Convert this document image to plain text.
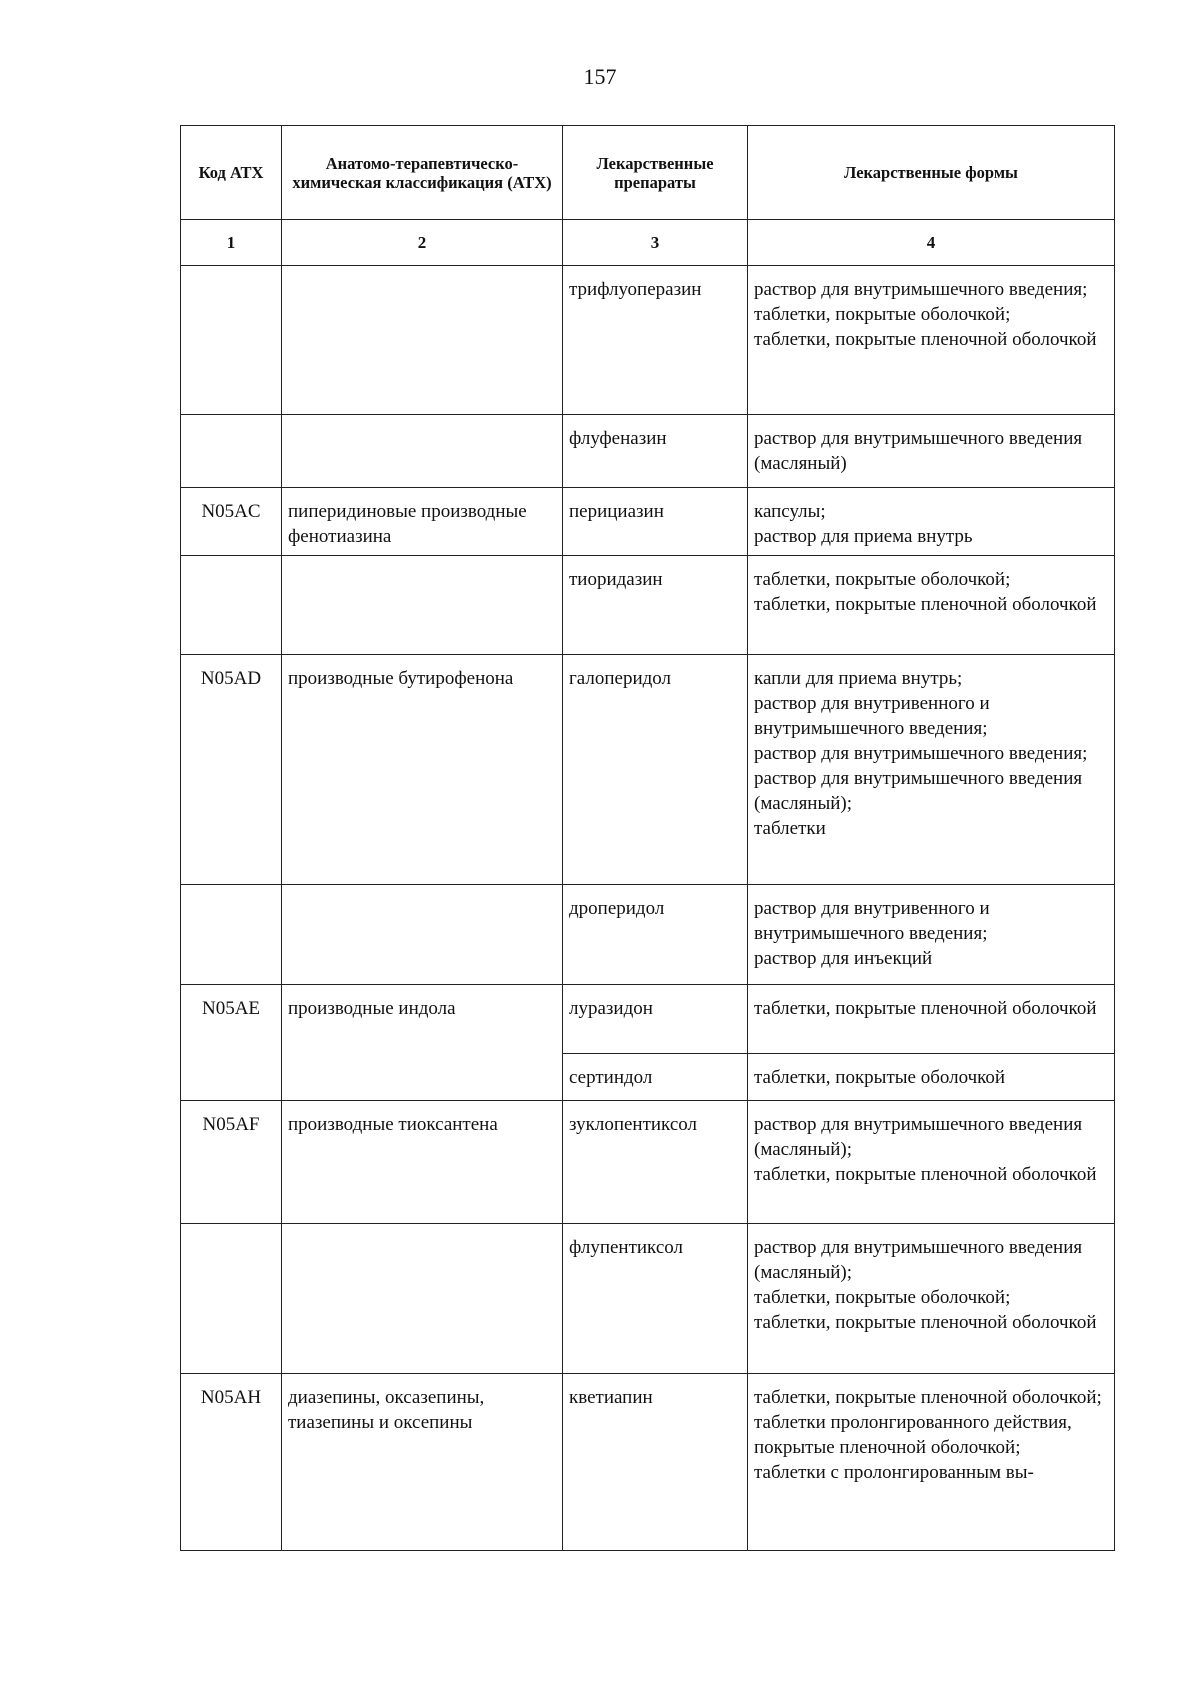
157
Код АТХ	Анатомо-терапевтическо-химическая классификация (АТХ)	Лекарственные препараты	Лекарственные формы
1	2	3	4
		трифлуоперазин	раствор для внутримышечного введения;
таблетки, покрытые оболочкой;
таблетки, покрытые пленочной оболочкой

		флуфеназин	раствор для внутримышечного введения (масляный)

N05AC	пиперидиновые производные фенотиазина	перициазин	капсулы;
раствор для приема внутрь

		тиоридазин	таблетки, покрытые оболочкой;
таблетки, покрытые пленочной оболочкой

N05AD	производные бутирофенона	галоперидол	капли для приема внутрь;
раствор для внутривенного и внутримышечного введения;
раствор для внутримышечного введения;
раствор для внутримышечного введения (масляный);
таблетки

		дроперидол	раствор для внутривенного и внутримышечного введения;
раствор для инъекций

N05AE	производные индола	луразидон	таблетки, покрытые пленочной оболочкой

		сертиндол	таблетки, покрытые оболочкой

N05AF	производные тиоксантена	зуклопентиксол	раствор для внутримышечного введения (масляный);
таблетки, покрытые пленочной оболочкой

		флупентиксол	раствор для внутримышечного введения (масляный);
таблетки, покрытые оболочкой;
таблетки, покрытые пленочной оболочкой

N05AH	диазепины, оксазепины, тиазепины и оксепины	кветиапин	таблетки, покрытые пленочной оболочкой;
таблетки пролонгированного действия, покрытые пленочной оболочкой;
таблетки с пролонгированным вы-
